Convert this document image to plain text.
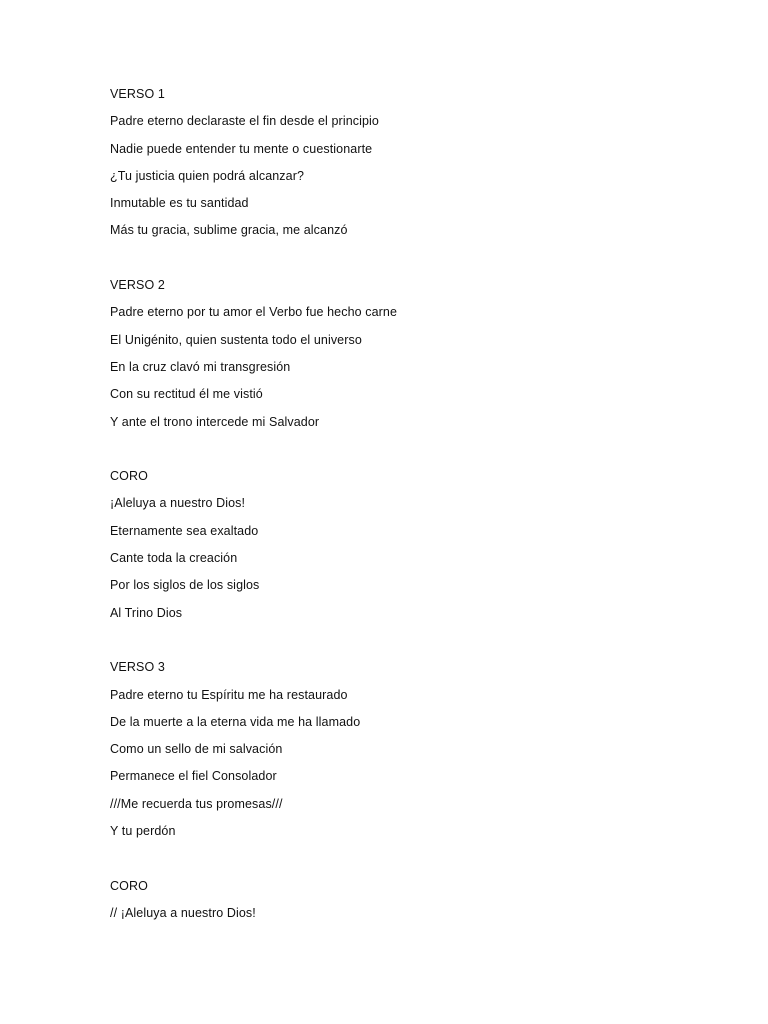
VERSO 1
Padre eterno declaraste el fin desde el principio
Nadie puede entender tu mente o cuestionarte
¿Tu justicia quien podrá alcanzar?
Inmutable es tu santidad
Más tu gracia, sublime gracia, me alcanzó
VERSO 2
Padre eterno por tu amor el Verbo fue hecho carne
El Unigénito, quien sustenta todo el universo
En la cruz clavó mi transgresión
Con su rectitud él me vistió
Y ante el trono intercede mi Salvador
CORO
¡Aleluya a nuestro Dios!
Eternamente sea exaltado
Cante toda la creación
Por los siglos de los siglos
Al Trino Dios
VERSO 3
Padre eterno tu Espíritu me ha restaurado
De la muerte a la eterna vida me ha llamado
Como un sello de mi salvación
Permanece el fiel Consolador
///Me recuerda tus promesas///
Y tu perdón
CORO
// ¡Aleluya a nuestro Dios!
